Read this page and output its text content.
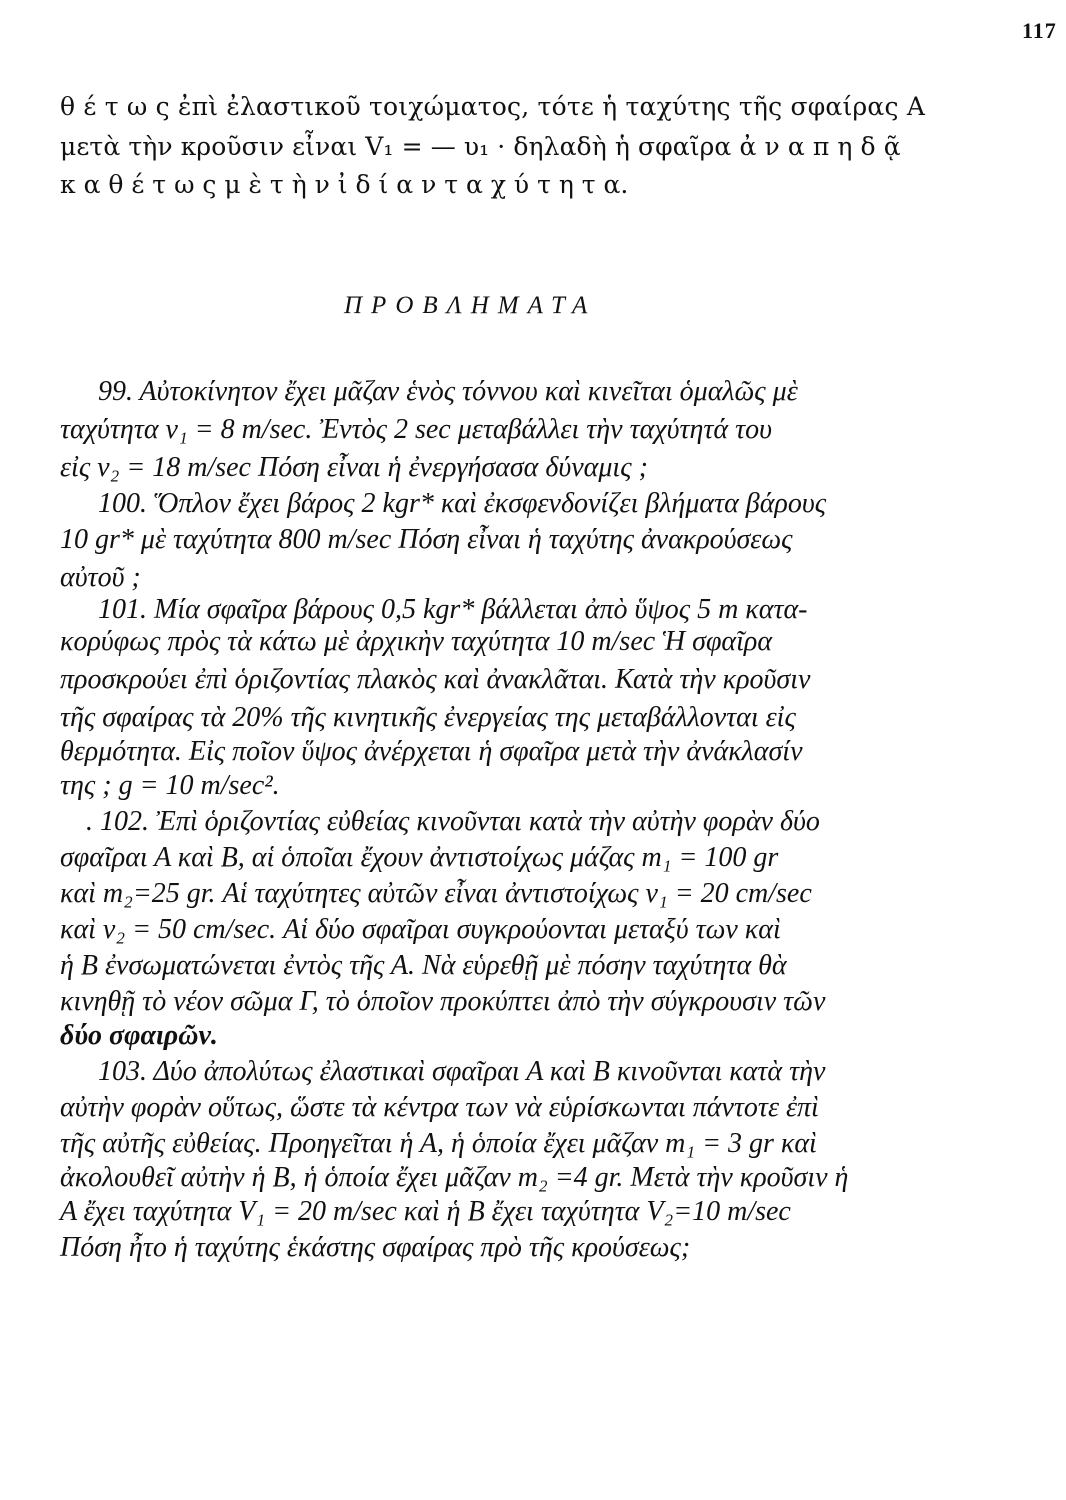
117
θ έ τ ω ς ἐπὶ ἐλαστικοῦ τοιχώματος, τότε ἡ ταχύτης τῆς σφαίρας Α
μετὰ τὴν κροῦσιν εἶναι V₁ = — υ₁ · δηλαδὴ ἡ σφαῖρα ἀ ν α π η δ ᾷ
κ α θ έ τ ω ς μ ὲ τ ὴ ν ἰ δ ί α ν τ α χ ύ τ η τ α.
ΠΡΟΒΛΗΜΑΤΑ
99. Αὐτοκίνητον ἔχει μᾶζαν ἑνὸς τόννου καὶ κινεῖται ὁμαλῶς μὲ
ταχύτητα v₁ = 8 m/sec. Ἐντὸς 2 sec μεταβάλλει τὴν ταχύτητά του
εἰς v₂ = 18 m/sec Πόση εἶναι ἡ ἐνεργήσασα δύναμις ;
100. Ὅπλον ἔχει βάρος 2 kgr* καὶ ἐκσφενδονίζει βλήματα βάρους
10 gr* μὲ ταχύτητα 800 m/sec Πόση εἶναι ἡ ταχύτης ἀνακρούσεως
αὐτοῦ ;
101. Μία σφαῖρα βάρους 0,5 kgr* βάλλεται ἀπὸ ὕψος 5 m κατα-
κορύφως πρὸς τὰ κάτω μὲ ἀρχικὴν ταχύτητα 10 m/sec Ἡ σφαῖρα
προσκρούει ἐπὶ ὁριζοντίας πλακὸς καὶ ἀνακλᾶται. Κατὰ τὴν κροῦσιν
τῆς σφαίρας τὰ 20% τῆς κινητικῆς ἐνεργείας της μεταβάλλονται εἰς
θερμότητα. Εἰς ποῖον ὕψος ἀνέρχεται ἡ σφαῖρα μετὰ τὴν ἀνάκλασίν
της ; g = 10 m/sec².
. 102. Ἐπὶ ὁριζοντίας εὐθείας κινοῦνται κατὰ τὴν αὐτὴν φορὰν δύο
σφαῖραι Α καὶ Β, αἱ ὁποῖαι ἔχουν ἀντιστοίχως μάζας m₁ = 100 gr
καὶ m₂=25 gr. Αἱ ταχύτητες αὐτῶν εἶναι ἀντιστοίχως v₁ = 20 cm/sec
καὶ v₂ = 50 cm/sec. Αἱ δύο σφαῖραι συγκρούονται μεταξύ των καὶ
ἡ Β ἐνσωματώνεται ἐντὸς τῆς Α. Νὰ εὑρεθῇ μὲ πόσην ταχύτητα θὰ
κινηθῇ τὸ νέον σῶμα Γ, τὸ ὁποῖον προκύπτει ἀπὸ τὴν σύγκρουσιν τῶν
δύο σφαιρῶν.
103. Δύο ἀπολύτως ἐλαστικαὶ σφαῖραι Α καὶ Β κινοῦνται κατὰ τὴν
αὐτὴν φορὰν οὕτως, ὥστε τὰ κέντρα των νὰ εὑρίσκωνται πάντοτε ἐπὶ
τῆς αὐτῆς εὐθείας. Προηγεῖται ἡ Α, ἡ ὁποία ἔχει μᾶζαν m₁ = 3 gr καὶ
ἀκολουθεῖ αὐτὴν ἡ Β, ἡ ὁποία ἔχει μᾶζαν m₂ =4 gr. Μετὰ τὴν κροῦσιν ἡ
Α ἔχει ταχύτητα V₁ = 20 m/sec καὶ ἡ Β ἔχει ταχύτητα V₂=10 m/sec
Πόση ἦτο ἡ ταχύτης ἑκάστης σφαίρας πρὸ τῆς κρούσεως;
